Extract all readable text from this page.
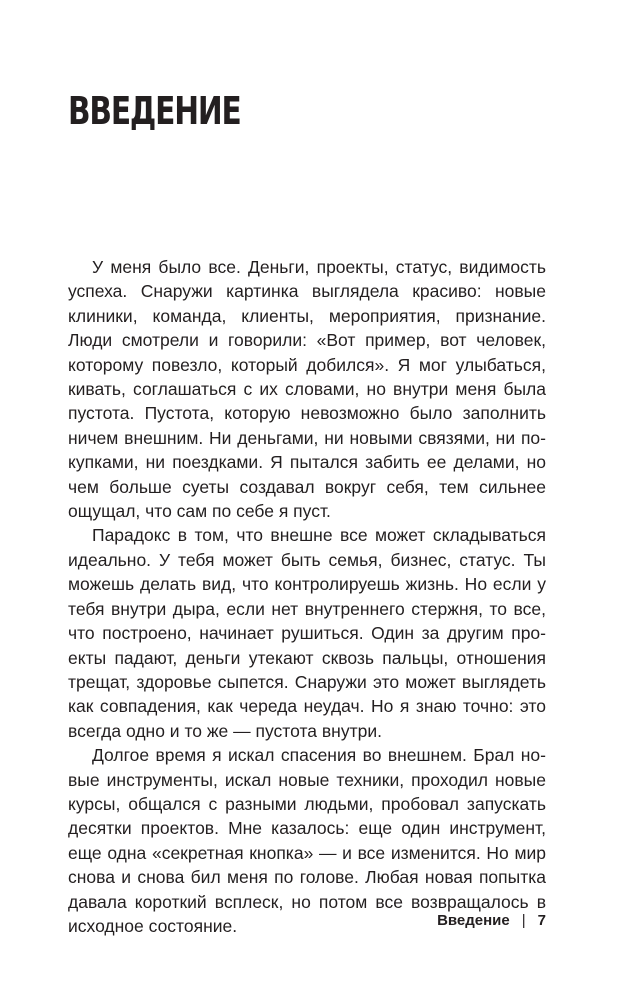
ВВЕДЕНИЕ

У меня было все. Деньги, проекты, статус, видимость успеха. Снаружи картинка выглядела красиво: новые клиники, команда, клиенты, мероприятия, признание. Люди смотрели и говорили: «Вот пример, вот человек, которому повезло, который добился». Я мог улыбаться, кивать, соглашаться с их словами, но внутри меня была пустота. Пустота, которую невозможно было заполнить ничем внешним. Ни деньгами, ни новыми связями, ни покупками, ни поездками. Я пытался забить ее делами, но чем больше суеты создавал вокруг себя, тем сильнее ощущал, что сам по себе я пуст.

Парадокс в том, что внешне все может складываться идеально. У тебя может быть семья, бизнес, статус. Ты можешь делать вид, что контролируешь жизнь. Но если у тебя внутри дыра, если нет внутреннего стержня, то все, что построено, начинает рушиться. Один за другим проекты падают, деньги утекают сквозь пальцы, отношения трещат, здоровье сыпется. Снаружи это может выглядеть как совпадения, как череда неудач. Но я знаю точно: это всегда одно и то же — пустота внутри.

Долгое время я искал спасения во внешнем. Брал новые инструменты, искал новые техники, проходил новые курсы, общался с разными людьми, пробовал запускать десятки проектов. Мне казалось: еще один инструмент, еще одна «секретная кнопка» — и все изменится. Но мир снова и снова бил меня по голове. Любая новая попытка давала короткий всплеск, но потом все возвращалось в исходное состояние.	Введение | 7
